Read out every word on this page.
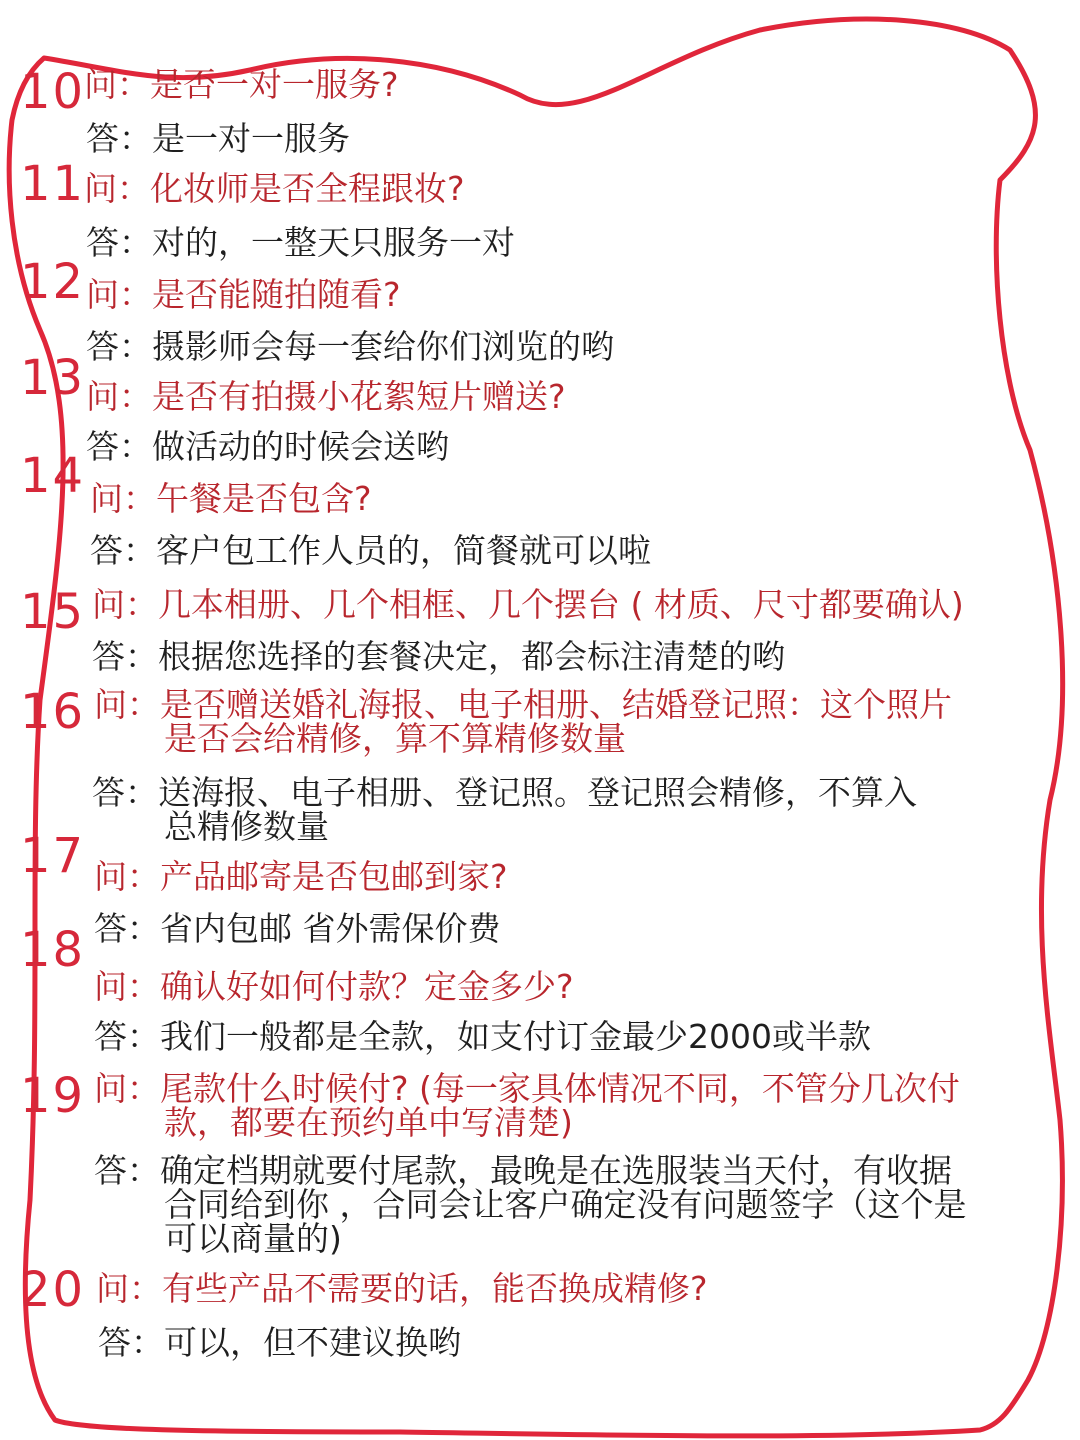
10
问：是否一对一服务?
答：是一对一服务
11
问：化妆师是否全程跟妆?
答：对的，一整天只服务一对
12 问：是否能随拍随看?
答：摄影师会每一套给你们浏览的哟
13 问：是否有拍摄小花絮短片赠送?
答：做活动的时候会送哟
14 问：午餐是否包含?
答：客户包工作人员的，简餐就可以啦
15 问：几本相册、几个相框、几个摆台 ( 材质、尺寸都要确认)
答：根据您选择的套餐决定，都会标注清楚的哟
16 问：是否赠送婚礼海报、电子相册、结婚登记照：这个照片
是否会给精修，算不算精修数量
答：送海报、电子相册、登记照。登记照会精修，不算入
总精修数量
17 问：产品邮寄是否包邮到家?
答：省内包邮 省外需保价费
18
问：确认好如何付款？定金多少?
答：我们一般都是全款，如支付订金最少2000或半款
19 问：尾款什么时候付? (每一家具体情况不同，不管分几次付
款，都要在预约单中写清楚)
答：确定档期就要付尾款，最晚是在选服装当天付，有收据
合同给到你 ，合同会让客户确定没有问题签字（这个是
可以商量的)
20 问：有些产品不需要的话，能否换成精修?
答：可以，但不建议换哟
